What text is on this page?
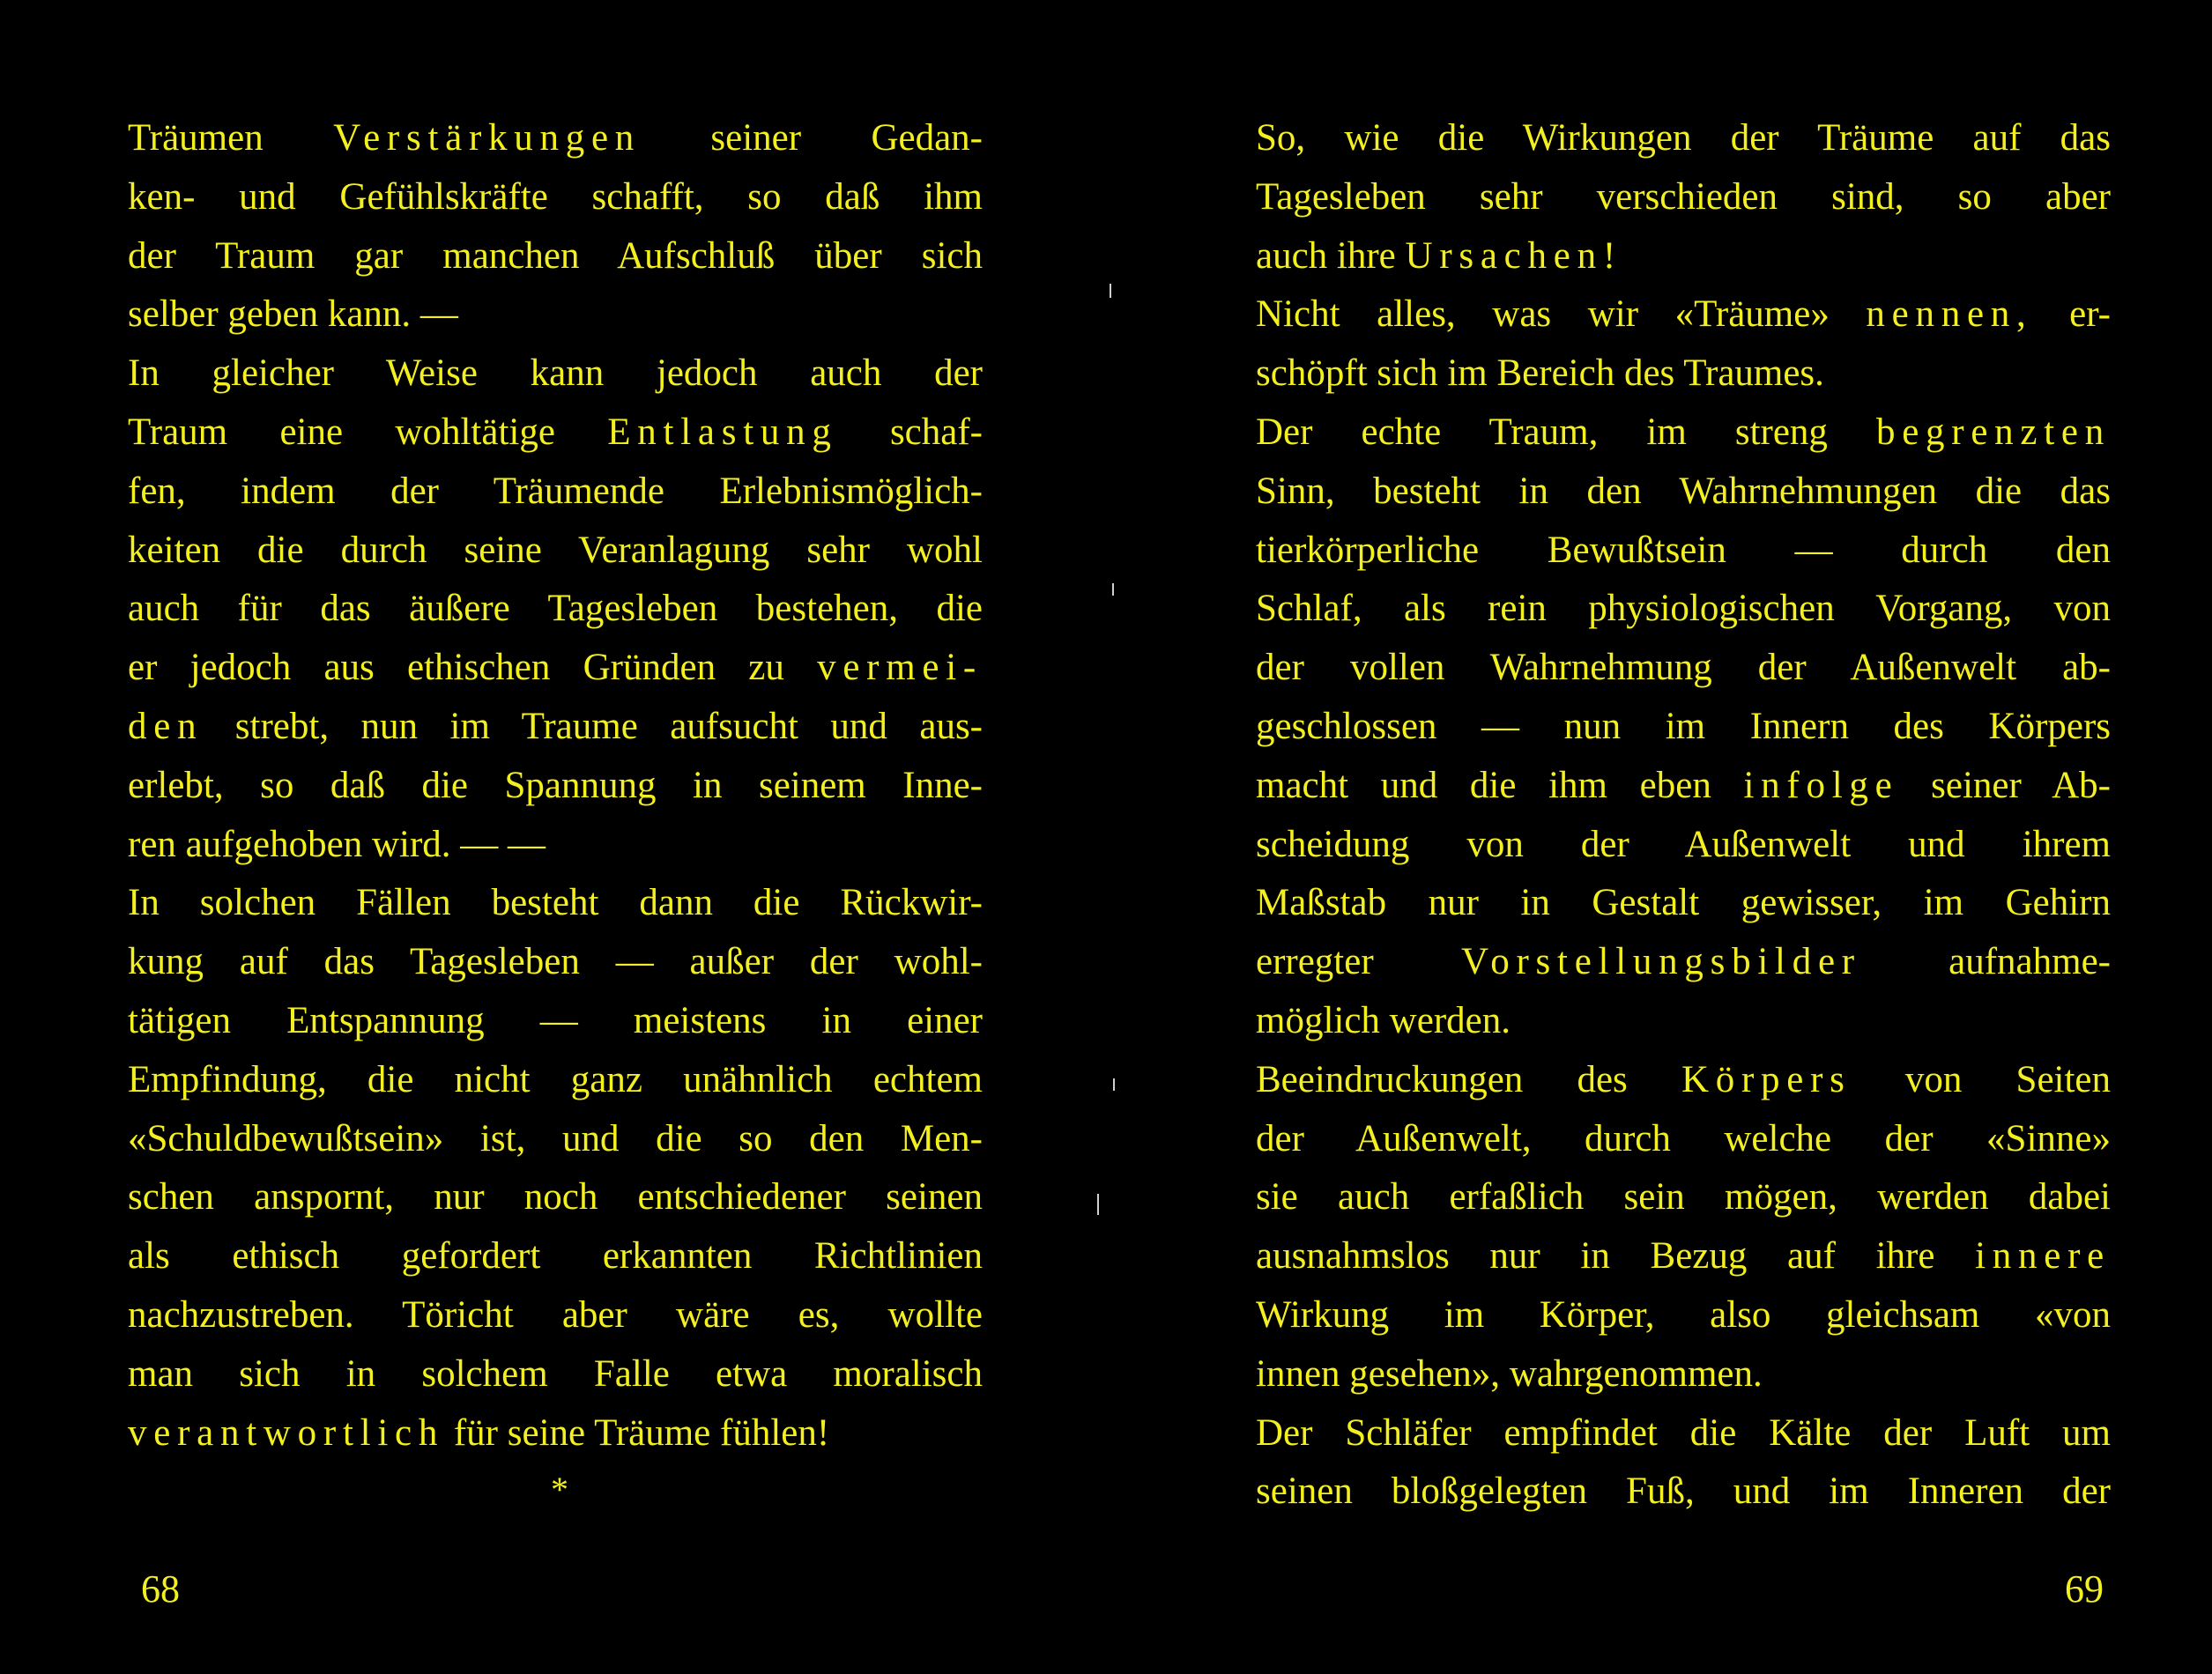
Träumen Verstärkungen seiner Gedan-
ken- und Gefühlskräfte schafft, so daß ihm
der Traum gar manchen Aufschluß über sich
selber geben kann. —
In gleicher Weise kann jedoch auch der
Traum eine wohltätige Entlastung schaf-
fen, indem der Träumende Erlebnismöglich-
keiten die durch seine Veranlagung sehr wohl
auch für das äußere Tagesleben bestehen, die
er jedoch aus ethischen Gründen zu vermei-
den strebt, nun im Traume aufsucht und aus-
erlebt, so daß die Spannung in seinem Inne-
ren aufgehoben wird. — —
In solchen Fällen besteht dann die Rückwir-
kung auf das Tagesleben — außer der wohl-
tätigen Entspannung — meistens in einer
Empfindung, die nicht ganz unähnlich echtem
«Schuldbewußtsein» ist, und die so den Men-
schen anspornt, nur noch entschiedener seinen
als ethisch gefordert erkannten Richtlinien
nachzustreben. Töricht aber wäre es, wollte
man sich in solchem Falle etwa moralisch
verantwortlich für seine Träume fühlen!
*
68
So, wie die Wirkungen der Träume auf das
Tagesleben sehr verschieden sind, so aber
auch ihre Ursachen!
Nicht alles, was wir «Träume» nennen, er-
schöpft sich im Bereich des Traumes.
Der echte Traum, im streng begrenzten
Sinn, besteht in den Wahrnehmungen die das
tierkörperliche Bewußtsein — durch den
Schlaf, als rein physiologischen Vorgang, von
der vollen Wahrnehmung der Außenwelt ab-
geschlossen — nun im Innern des Körpers
macht und die ihm eben infolge seiner Ab-
scheidung von der Außenwelt und ihrem
Maßstab nur in Gestalt gewisser, im Gehirn
erregter Vorstellungsbilder aufnahme-
möglich werden.
Beeindruckungen des Körpers von Seiten
der Außenwelt, durch welche der «Sinne»
sie auch erfaßlich sein mögen, werden dabei
ausnahmslos nur in Bezug auf ihre innere
Wirkung im Körper, also gleichsam «von
innen gesehen», wahrgenommen.
Der Schläfer empfindet die Kälte der Luft um
seinen bloßgelegten Fuß, und im Inneren der
69
